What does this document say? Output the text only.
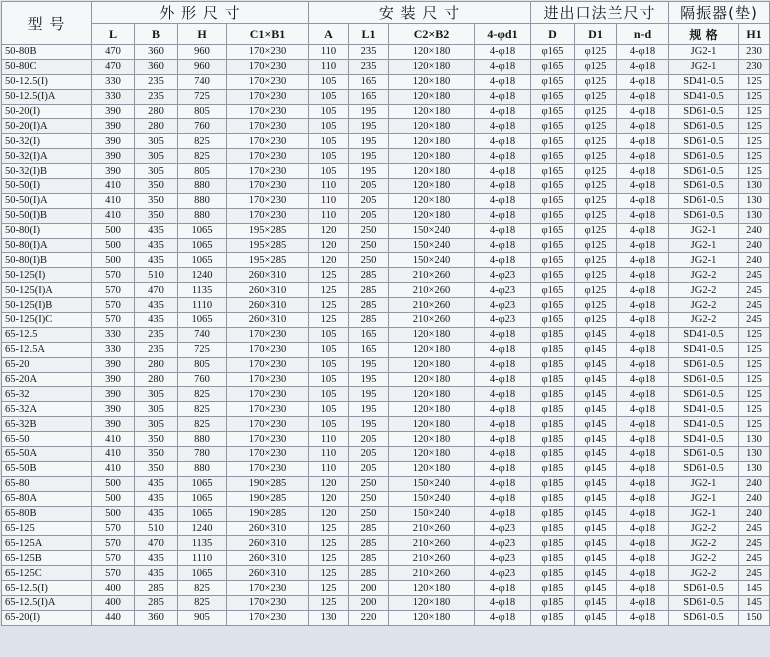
型 号	外 形 尺 寸				安 装 尺 寸				进出口法兰尺寸			隔振器(垫)	
	L	B	H	C1×B1	A	L1	C2×B2	4-φd1	D	D1	n-d	规 格	H1
50-80B	470	360	960	170×230	110	235	120×180	4-φ18	φ165	φ125	4-φ18	JG2-1	230
50-80C	470	360	960	170×230	110	235	120×180	4-φ18	φ165	φ125	4-φ18	JG2-1	230
50-12.5(I)	330	235	740	170×230	105	165	120×180	4-φ18	φ165	φ125	4-φ18	SD41-0.5	125
50-12.5(I)A	330	235	725	170×230	105	165	120×180	4-φ18	φ165	φ125	4-φ18	SD41-0.5	125
50-20(I)	390	280	805	170×230	105	195	120×180	4-φ18	φ165	φ125	4-φ18	SD61-0.5	125
50-20(I)A	390	280	760	170×230	105	195	120×180	4-φ18	φ165	φ125	4-φ18	SD61-0.5	125
50-32(I)	390	305	825	170×230	105	195	120×180	4-φ18	φ165	φ125	4-φ18	SD61-0.5	125
50-32(I)A	390	305	825	170×230	105	195	120×180	4-φ18	φ165	φ125	4-φ18	SD61-0.5	125
50-32(I)B	390	305	805	170×230	105	195	120×180	4-φ18	φ165	φ125	4-φ18	SD61-0.5	125
50-50(I)	410	350	880	170×230	110	205	120×180	4-φ18	φ165	φ125	4-φ18	SD61-0.5	130
50-50(I)A	410	350	880	170×230	110	205	120×180	4-φ18	φ165	φ125	4-φ18	SD61-0.5	130
50-50(I)B	410	350	880	170×230	110	205	120×180	4-φ18	φ165	φ125	4-φ18	SD61-0.5	130
50-80(I)	500	435	1065	195×285	120	250	150×240	4-φ18	φ165	φ125	4-φ18	JG2-1	240
50-80(I)A	500	435	1065	195×285	120	250	150×240	4-φ18	φ165	φ125	4-φ18	JG2-1	240
50-80(I)B	500	435	1065	195×285	120	250	150×240	4-φ18	φ165	φ125	4-φ18	JG2-1	240
50-125(I)	570	510	1240	260×310	125	285	210×260	4-φ23	φ165	φ125	4-φ18	JG2-2	245
50-125(I)A	570	470	1135	260×310	125	285	210×260	4-φ23	φ165	φ125	4-φ18	JG2-2	245
50-125(I)B	570	435	1110	260×310	125	285	210×260	4-φ23	φ165	φ125	4-φ18	JG2-2	245
50-125(I)C	570	435	1065	260×310	125	285	210×260	4-φ23	φ165	φ125	4-φ18	JG2-2	245
65-12.5	330	235	740	170×230	105	165	120×180	4-φ18	φ185	φ145	4-φ18	SD41-0.5	125
65-12.5A	330	235	725	170×230	105	165	120×180	4-φ18	φ185	φ145	4-φ18	SD41-0.5	125
65-20	390	280	805	170×230	105	195	120×180	4-φ18	φ185	φ145	4-φ18	SD61-0.5	125
65-20A	390	280	760	170×230	105	195	120×180	4-φ18	φ185	φ145	4-φ18	SD61-0.5	125
65-32	390	305	825	170×230	105	195	120×180	4-φ18	φ185	φ145	4-φ18	SD61-0.5	125
65-32A	390	305	825	170×230	105	195	120×180	4-φ18	φ185	φ145	4-φ18	SD41-0.5	125
65-32B	390	305	825	170×230	105	195	120×180	4-φ18	φ185	φ145	4-φ18	SD41-0.5	125
65-50	410	350	880	170×230	110	205	120×180	4-φ18	φ185	φ145	4-φ18	SD41-0.5	130
65-50A	410	350	780	170×230	110	205	120×180	4-φ18	φ185	φ145	4-φ18	SD61-0.5	130
65-50B	410	350	880	170×230	110	205	120×180	4-φ18	φ185	φ145	4-φ18	SD61-0.5	130
65-80	500	435	1065	190×285	120	250	150×240	4-φ18	φ185	φ145	4-φ18	JG2-1	240
65-80A	500	435	1065	190×285	120	250	150×240	4-φ18	φ185	φ145	4-φ18	JG2-1	240
65-80B	500	435	1065	190×285	120	250	150×240	4-φ18	φ185	φ145	4-φ18	JG2-1	240
65-125	570	510	1240	260×310	125	285	210×260	4-φ23	φ185	φ145	4-φ18	JG2-2	245
65-125A	570	470	1135	260×310	125	285	210×260	4-φ23	φ185	φ145	4-φ18	JG2-2	245
65-125B	570	435	1110	260×310	125	285	210×260	4-φ23	φ185	φ145	4-φ18	JG2-2	245
65-125C	570	435	1065	260×310	125	285	210×260	4-φ23	φ185	φ145	4-φ18	JG2-2	245
65-12.5(I)	400	285	825	170×230	125	200	120×180	4-φ18	φ185	φ145	4-φ18	SD61-0.5	145
65-12.5(I)A	400	285	825	170×230	125	200	120×180	4-φ18	φ185	φ145	4-φ18	SD61-0.5	145
65-20(I)	440	360	905	170×230	130	220	120×180	4-φ18	φ185	φ145	4-φ18	SD61-0.5	150
